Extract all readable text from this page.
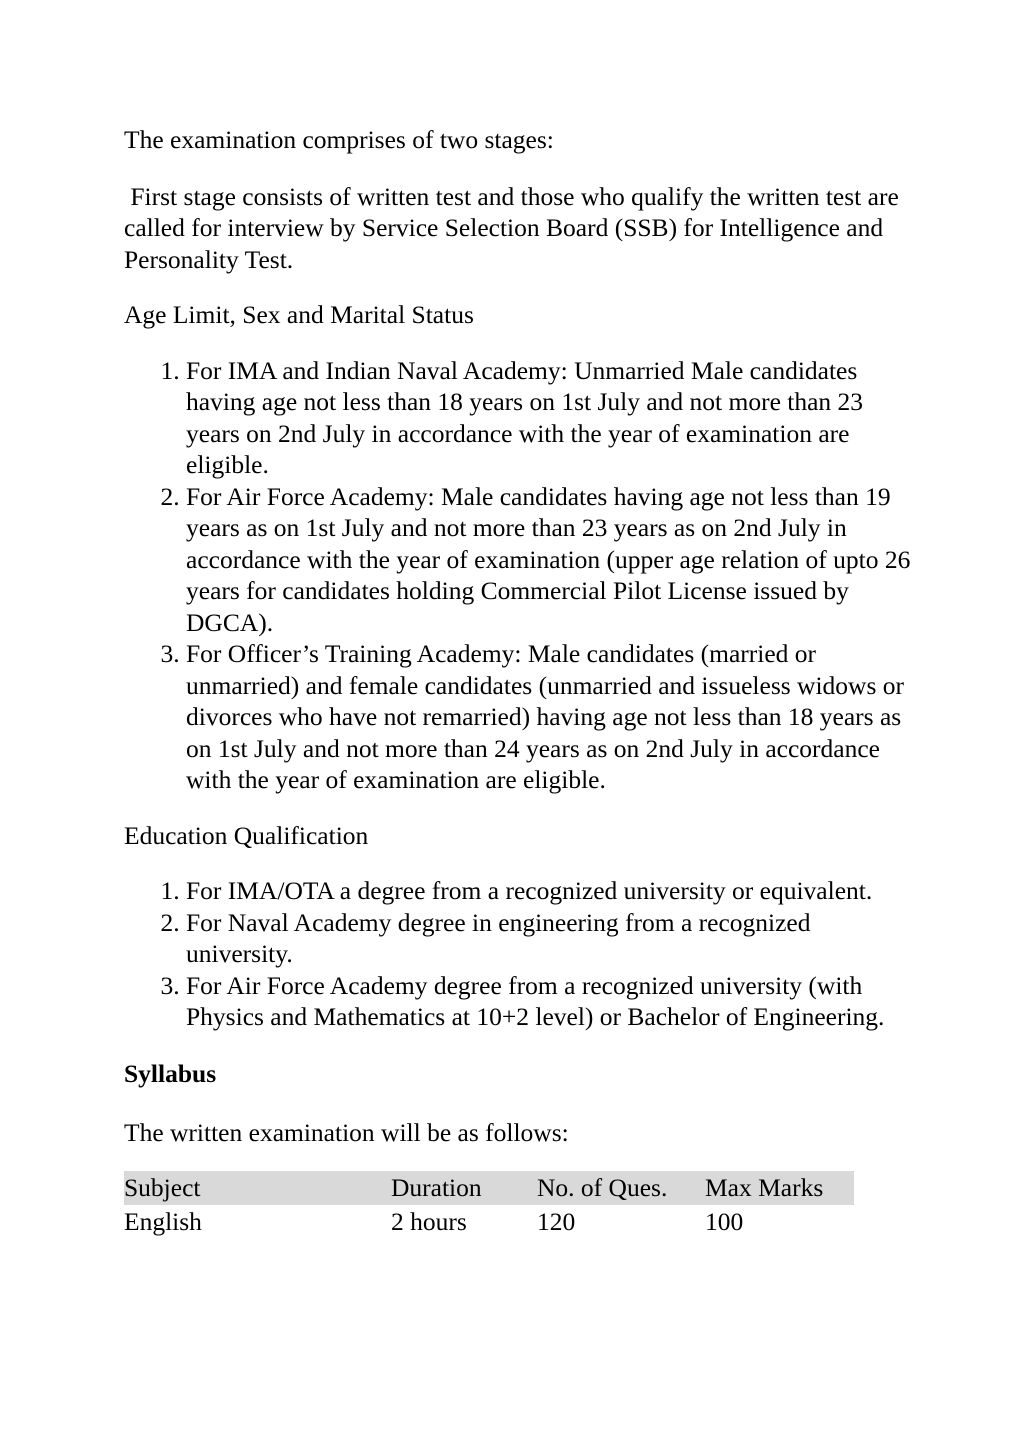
The examination comprises of two stages:

First stage consists of written test and those who qualify the written test are called for interview by Service Selection Board (SSB) for Intelligence and Personality Test.

Age Limit, Sex and Marital Status

1. For IMA and Indian Naval Academy: Unmarried Male candidates having age not less than 18 years on 1st July and not more than 23 years on 2nd July in accordance with the year of examination are eligible.
2. For Air Force Academy: Male candidates having age not less than 19 years as on 1st July and not more than 23 years as on 2nd July in accordance with the year of examination (upper age relation of upto 26 years for candidates holding Commercial Pilot License issued by DGCA).
3. For Officer’s Training Academy: Male candidates (married or unmarried) and female candidates (unmarried and issueless widows or divorces who have not remarried) having age not less than 18 years as on 1st July and not more than 24 years as on 2nd July in accordance with the year of examination are eligible.

Education Qualification

1. For IMA/OTA a degree from a recognized university or equivalent.
2. For Naval Academy degree in engineering from a recognized university.
3. For Air Force Academy degree from a recognized university (with Physics and Mathematics at 10+2 level) or Bachelor of Engineering.

Syllabus

The written examination will be as follows:

Subject	Duration	No. of Ques.	Max Marks
English	2 hours	120	100
